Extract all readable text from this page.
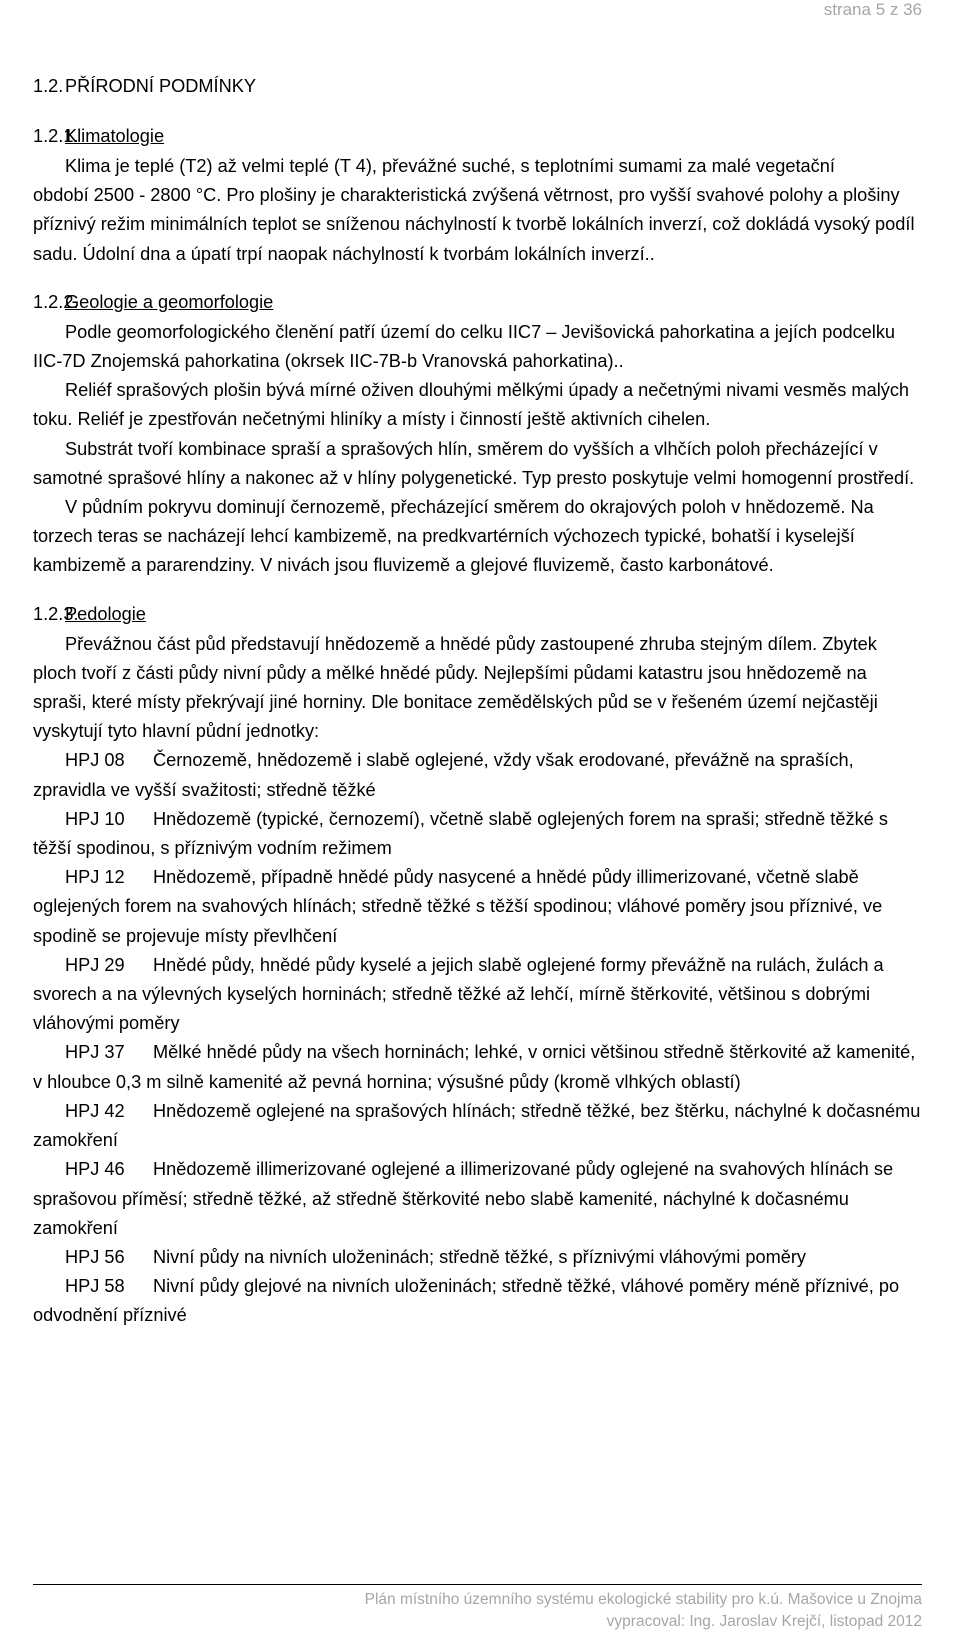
strana 5 z 36
1.2. PŘÍRODNÍ PODMÍNKY
1.2.1.
Klimatologie

Klima je teplé (T2) až velmi teplé (T 4), převážné suché, s teplotními sumami za malé vegetační

období 2500 - 2800 °C. Pro plošiny je charakteristická zvýšená větrnost, pro vyšší svahové polohy a plošiny příznivý režim minimálních teplot se sníženou náchylností k tvorbě lokálních inverzí, což dokládá vysoký podíl sadu. Údolní dna a úpatí trpí naopak náchylností k tvorbám lokálních inverzí..

1.2.2.
Geologie a geomorfologie

Podle geomorfologického členění patří území do celku IIC7 – Jevišovická pahorkatina a jejích podcelku IIC-7D Znojemská pahorkatina (okrsek IIC-7B-b Vranovská pahorkatina)..

Reliéf sprašových plošin bývá mírné oživen dlouhými mělkými úpady a nečetnými nivami vesměs malých toku. Reliéf je zpestřován nečetnými hliníky a místy i činností ještě aktivních cihelen.

Substrát tvoří kombinace spraší a sprašových hlín, směrem do vyšších a vlhčích poloh přecházející v samotné sprašové hlíny a nakonec až v hlíny polygenetické. Typ presto poskytuje velmi homogenní prostředí.

V půdním pokryvu dominují černozemě, přecházející směrem do okrajových poloh v hnědozemě. Na torzech teras se nacházejí lehcí kambizemě, na predkvartérních výchozech typické, bohatší i kyselejší kambizemě a pararendziny. V nivách jsou fluvizemě a glejové fluvizemě, často karbonátové.

1.2.3.
Pedologie

Převážnou část půd představují hnědozemě a hnědé půdy zastoupené zhruba stejným dílem. Zbytek ploch tvoří z části půdy nivní půdy a mělké hnědé půdy. Nejlepšími půdami katastru jsou hnědozemě na spraši, které místy překrývají jiné horniny. Dle bonitace zemědělských půd se v řešeném území nejčastěji vyskytují tyto hlavní půdní jednotky:

HPJ 08 Černozemě, hnědozemě i slabě oglejené, vždy však erodované, převážně na spraších, zpravidla ve vyšší svažitosti; středně těžké

HPJ 10 Hnědozemě (typické, černozemí), včetně slabě oglejených forem na spraši; středně těžké s těžší spodinou, s příznivým vodním režimem

HPJ 12 Hnědozemě, případně hnědé půdy nasycené a hnědé půdy illimerizované, včetně slabě oglejených forem na svahových hlínách; středně těžké s těžší spodinou; vláhové poměry jsou příznivé, ve spodině se projevuje místy převlhčení

HPJ 29 Hnědé půdy, hnědé půdy kyselé a jejich slabě oglejené formy převážně na rulách, žulách a svorech a na výlevných kyselých horninách; středně těžké až lehčí, mírně štěrkovité, většinou s dobrými vláhovými poměry

HPJ 37 Mělké hnědé půdy na všech horninách; lehké, v ornici většinou středně štěrkovité až kamenité, v hloubce 0,3 m silně kamenité až pevná hornina; výsušné půdy (kromě vlhkých oblastí)

HPJ 42 Hnědozemě oglejené na sprašových hlínách; středně těžké, bez štěrku, náchylné k dočasnému zamokření

HPJ 46 Hnědozemě illimerizované oglejené a illimerizované půdy oglejené na svahových hlínách se sprašovou příměsí; středně těžké, až středně štěrkovité nebo slabě kamenité, náchylné k dočasnému zamokření

HPJ 56 Nivní půdy na nivních uloženinách; středně těžké, s příznivými vláhovými poměry

HPJ 58 Nivní půdy glejové na nivních uloženinách; středně těžké, vláhové poměry méně příznivé, po odvodnění příznivé

Plán místního územního systému ekologické stability pro k.ú. Mašovice u Znojma
vypracoval: Ing. Jaroslav Krejčí, listopad 2012
